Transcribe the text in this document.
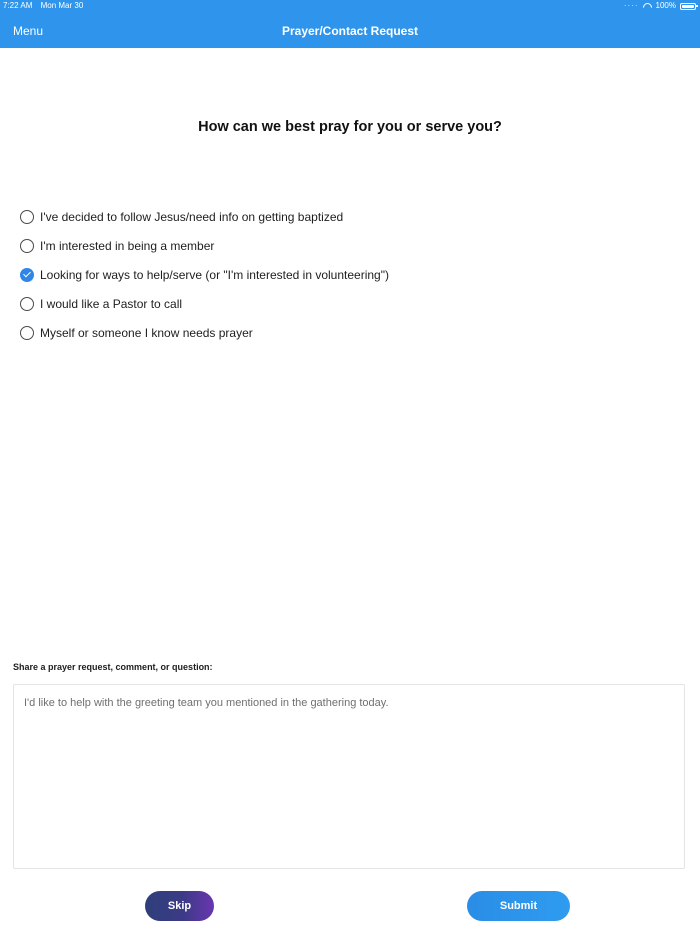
7:22 AM Mon Mar 30	···· 100%
Menu	Prayer/Contact Request
How can we best pray for you or serve you?
I've decided to follow Jesus/need info on getting baptized
I'm interested in being a member
Looking for ways to help/serve (or "I'm interested in volunteering")
I would like a Pastor to call
Myself or someone I know needs prayer
Share a prayer request, comment, or question:
I'd like to help with the greeting team you mentioned in the gathering today.
Skip	Submit
